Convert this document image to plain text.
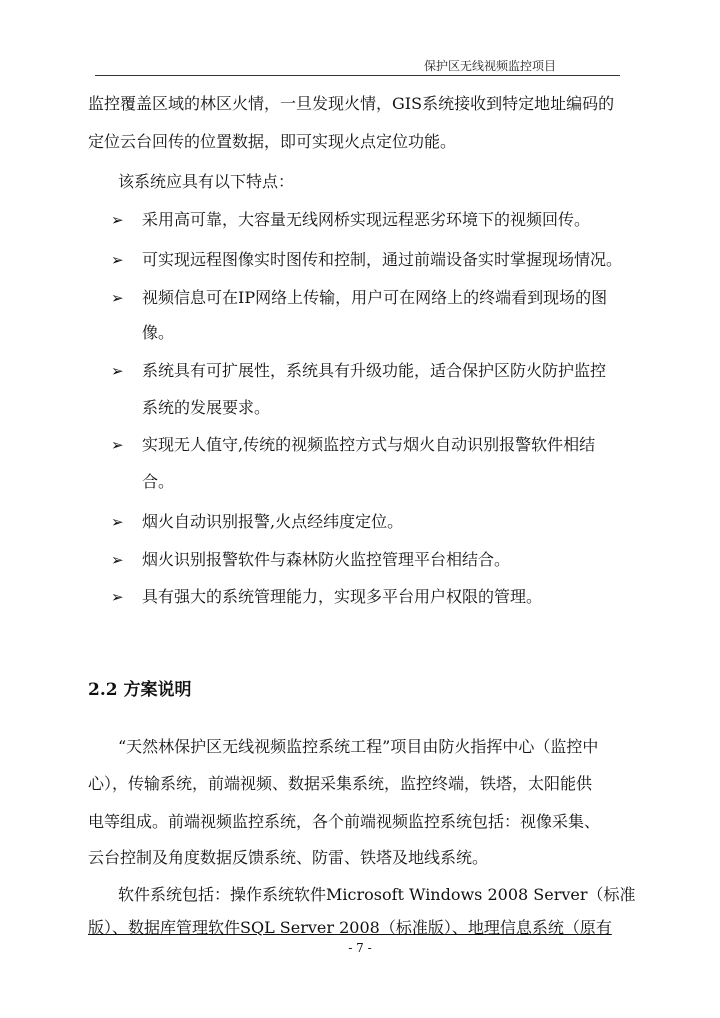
保护区无线视频监控项目
监控覆盖区域的林区火情，一旦发现火情，GIS系统接收到特定地址编码的
定位云台回传的位置数据，即可实现火点定位功能。
该系统应具有以下特点：
➢ 采用高可靠，大容量无线网桥实现远程恶劣环境下的视频回传。
➢ 可实现远程图像实时图传和控制，通过前端设备实时掌握现场情况。
➢ 视频信息可在IP网络上传输，用户可在网络上的终端看到现场的图
像。
➢ 系统具有可扩展性，系统具有升级功能，适合保护区防火防护监控
系统的发展要求。
➢ 实现无人值守,传统的视频监控方式与烟火自动识别报警软件相结
合。
➢ 烟火自动识别报警,火点经纬度定位。
➢ 烟火识别报警软件与森林防火监控管理平台相结合。
➢ 具有强大的系统管理能力，实现多平台用户权限的管理。
2.2 方案说明
“天然林保护区无线视频监控系统工程”项目由防火指挥中心（监控中
心），传输系统，前端视频、数据采集系统，监控终端，铁塔，太阳能供
电等组成。前端视频监控系统，各个前端视频监控系统包括：视像采集、
云台控制及角度数据反馈系统、防雷、铁塔及地线系统。
软件系统包括：操作系统软件Microsoft Windows 2008 Server（标准
版）、数据库管理软件SQL Server 2008（标准版）、地理信息系统（原有
- 7 -
